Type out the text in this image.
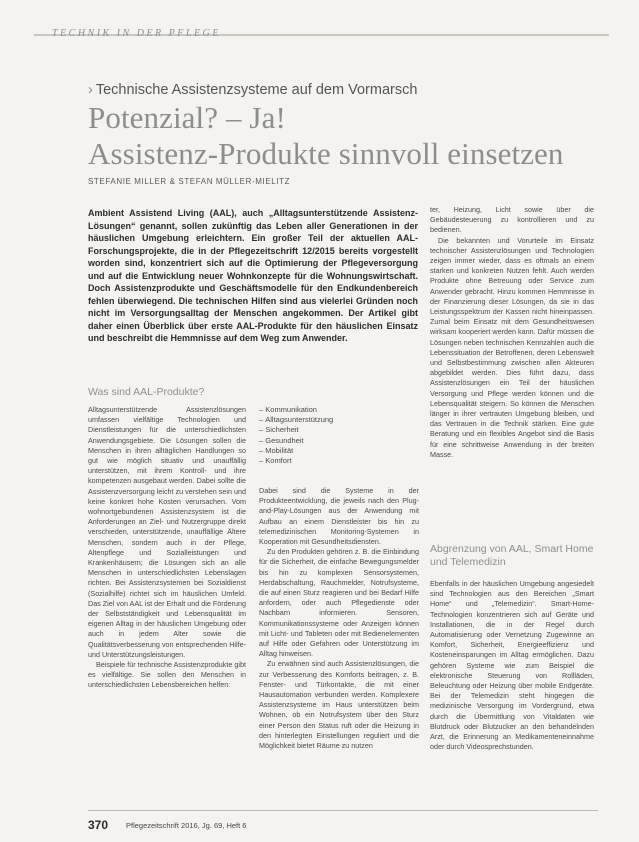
TECHNIK IN DER PFLEGE
› Technische Assistenzsysteme auf dem Vormarsch
Potenzial? – Ja!
Assistenz-Produkte sinnvoll einsetzen
STEFANIE MILLER & STEFAN MÜLLER-MIELITZ
Ambient Assistend Living (AAL), auch „Alltagsunterstützende Assistenz-Lösungen“ genannt, sollen zukünftig das Leben aller Generationen in der häuslichen Umgebung erleichtern. Ein großer Teil der aktuellen AAL-Forschungsprojekte, die in der Pflegezeitschrift 12/2015 bereits vorgestellt worden sind, konzentriert sich auf die Optimierung der Pflegeversorgung und auf die Entwicklung neuer Wohnkonzepte für die Wohnungswirtschaft. Doch Assistenzprodukte und Geschäftsmodelle für den Endkundenbereich fehlen überwiegend. Die technischen Hilfen sind aus vielerlei Gründen noch nicht im Versorgungsalltag der Menschen angekommen. Der Artikel gibt daher einen Überblick über erste AAL-Produkte für den häuslichen Einsatz und beschreibt die Hemmnisse auf dem Weg zum Anwender.
Was sind AAL-Produkte?

Alltagsunterstützende Assistenzlösungen umfassen vielfältige Technologien und Dienstleistungen für die unterschiedlichsten Anwendungsgebiete. Die Lösungen sollen die Menschen in ihren alltäglichen Handlungen so gut wie möglich situativ und unauffällig unterstützen, mit ihrem Kontroll- und ihre kompetenzen ausgebaut werden. Dabei sollte die Assistenzversorgung leicht zu verstehen sein und keine konkret hohe Kosten verursachen. Vom wohnortgebundenen Assistenzsystem ist die Anforderungen an Ziel- und Nutzergruppe direkt verschieden, unterstützende, unauffällige Ältere Menschen, sondern auch in der Pflege, Altenpflege und Sozialleistungen und Krankenhäusern; die Lösungen sich an alle Menschen in unterschiedlichsten Lebenslagen richten. Bei Assistenzsystemen bei Sozialdienst (Sozialhilfe) richtet sich im häuslichen Umfeld. Das Ziel von AAL ist der Erhalt und die Förderung der Selbstständigkeit und Lebensqualität im eigenen Alltag in der häuslichen Umgebung oder auch in jedem Alter sowie die Qualitätsverbesserung von entsprechenden Hilfe- und Unterstützungsleistungen.

Beispiele für technische Assistenzprodukte gibt es vielfältige. Sie sollen den Menschen in unterschiedlichsten Lebensbereichen helfen:

– Kommunikation
– Alltagsunterstützung
– Sicherheit
– Gesundheit
– Mobilität
– Komfort

Dabei sind die Systeme in der Produkteentwicklung, die jeweils nach den Plug-and-Play-Lösungen aus der Anwendung mit Aufbau an einem Dienstleister bis hin zu telemedizinischen Monitoring-Systemen in Kooperation mit Gesundheitsdiensten.

Zu den Produkten gehören z. B. die Einbindung für die Sicherheit, die einfache Bewegungsmelder bis hin zu komplexen Sensorsystemen, Herdabschaltung, Rauchmelder, Notrufsysteme, die auf einen Sturz reagieren und bei Bedarf Hilfe anfordern, oder auch Pflegedienste oder Nachbarn informieren. Sensoren, Kommunikationssysteme oder Anzeigen können mit Licht- und Tableten oder mit Bedienelementen auf Hilfe oder Gefahren oder Unterstützung im Alltag hinweisen.

Zu erwähnen sind auch Assistenzlösungen, die zur Verbesserung des Komforts beitragen, z. B. Fenster- und Türkontakte, die mit einer Hausautomation verbunden werden. Komplexere Assistenzsysteme im Haus unterstützen beim Wohnen, ob ein Notrufsystem über den Sturz einer Person den Status ruft oder die Heizung in den hinterlegten Einstellungen reguliert und die Möglichkeit bietet Räume zu nutzen

ter, Heizung, Licht sowie über die Gebäudesteuerung zu kontrollieren und zu bedienen.

Die bekannten und Vorurteile im Einsatz technischer Assistenzlösungen und Technologien zeigen immer wieder, dass es oftmals an einem starken und konkreten Nutzen fehlt. Auch werden Produkte ohne Betreuung oder Service zum Anwender gebracht. Hinzu kommen Hemmnisse in der Finanzierung dieser Lösungen, da sie in das Leistungsspektrum der Kassen nicht hineinpassen. Zumal beim Einsatz mit dem Gesundheitswesen wirksam kooperiert werden kann. Dafür müssen die Lösungen neben technischen Kennzahlen auch die Lebenssituation der Betroffenen, deren Lebenswelt und Selbstbestimmung zwischen allen Akteuren abgebildet werden. Dies führt dazu, dass Assistenzlösungen ein Teil der häuslichen Versorgung und Pflege werden können und die Lebensqualität steigern. So können die Menschen länger in ihrer vertrauten Umgebung bleiben, und das Vertrauen in die Technik stärken. Eine gute Beratung und ein flexibles Angebot sind die Basis für eine schrittweise Anwendung in der breiten Masse.

Abgrenzung von AAL, Smart Home und Telemedizin

Ebenfalls in der häuslichen Umgebung angesiedelt sind Technologien aus den Bereichen „Smart Home“ und „Telemedizin“. Smart-Home-Technologien konzentrieren sich auf Geräte und Installationen, die in der Regel durch Automatisierung oder Vernetzung Zugewinne an Komfort, Sicherheit, Energieeffizienz und Kosteneinsparungen im Alltag ermöglichen. Dazu gehören Systeme wie zum Beispiel die elektronische Steuerung von Rollläden, Beleuchtung oder Heizung über mobile Endgeräte. Bei der Telemedizin steht hingegen die medizinische Versorgung im Vordergrund, etwa durch die Übermittlung von Vitaldaten wie Blutdruck oder Blutzucker an den behandelnden Arzt, die Erinnerung an Medikamenteneinnahme oder durch Videosprechstunden.

370 Pflegezeitschrift 2016, Jg. 69, Heft 6
